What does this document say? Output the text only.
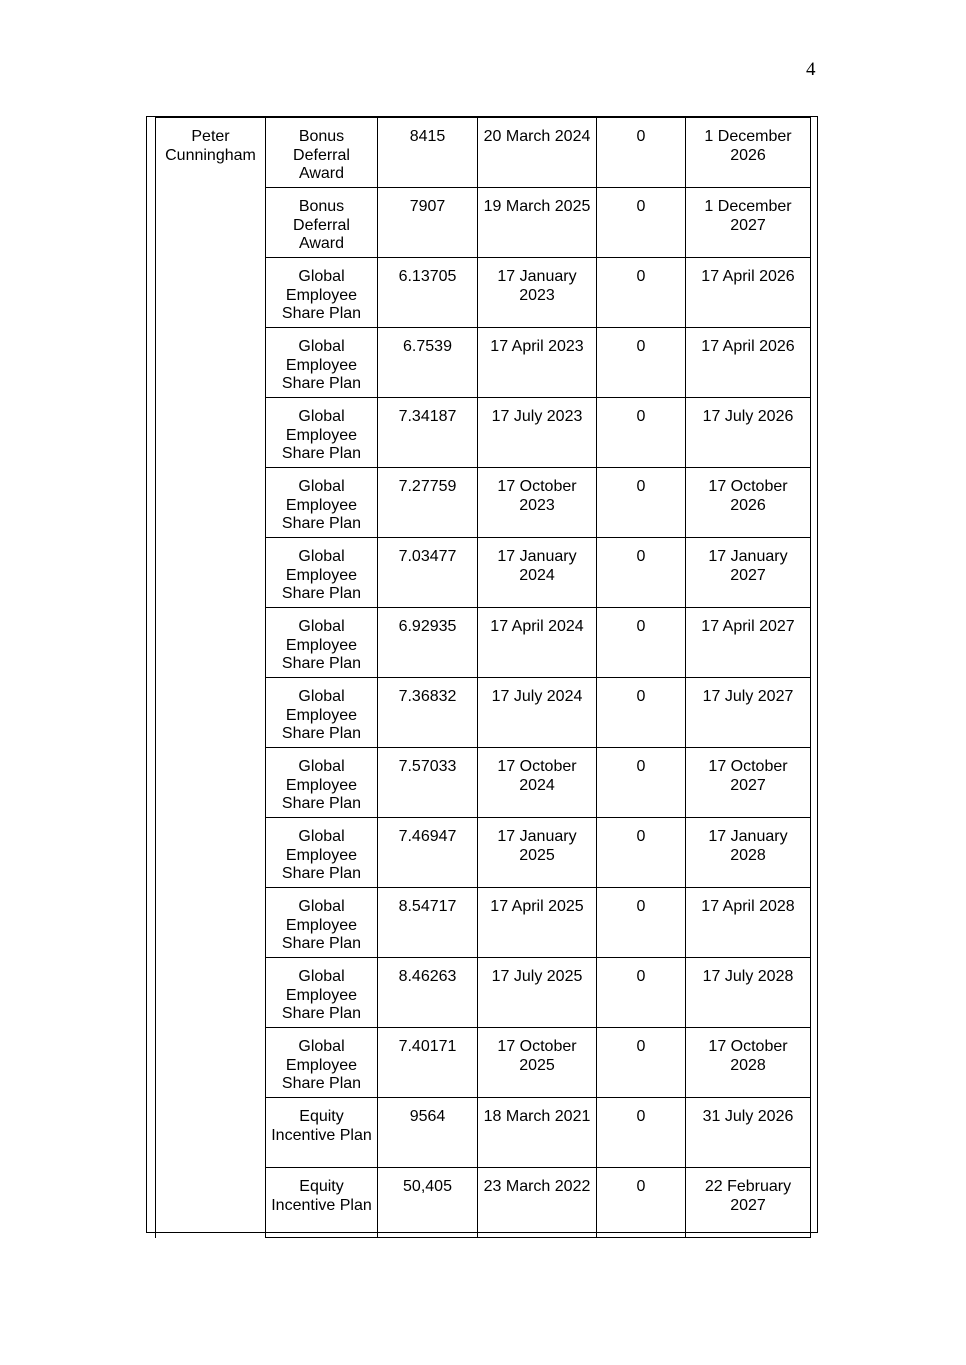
4
Peter Cunningham	Bonus Deferral Award	8415	20 March 2024	0	1 December 2026
	Bonus Deferral Award	7907	19 March 2025	0	1 December 2027
	Global Employee Share Plan	6.13705	17 January 2023	0	17 April 2026
	Global Employee Share Plan	6.7539	17 April 2023	0	17 April 2026
	Global Employee Share Plan	7.34187	17 July 2023	0	17 July 2026
	Global Employee Share Plan	7.27759	17 October 2023	0	17 October 2026
	Global Employee Share Plan	7.03477	17 January 2024	0	17 January 2027
	Global Employee Share Plan	6.92935	17 April 2024	0	17 April 2027
	Global Employee Share Plan	7.36832	17 July 2024	0	17 July 2027
	Global Employee Share Plan	7.57033	17 October 2024	0	17 October 2027
	Global Employee Share Plan	7.46947	17 January 2025	0	17 January 2028
	Global Employee Share Plan	8.54717	17 April 2025	0	17 April 2028
	Global Employee Share Plan	8.46263	17 July 2025	0	17 July 2028
	Global Employee Share Plan	7.40171	17 October 2025	0	17 October 2028
	Equity Incentive Plan	9564	18 March 2021	0	31 July 2026
	Equity Incentive Plan	50,405	23 March 2022	0	22 February 2027
